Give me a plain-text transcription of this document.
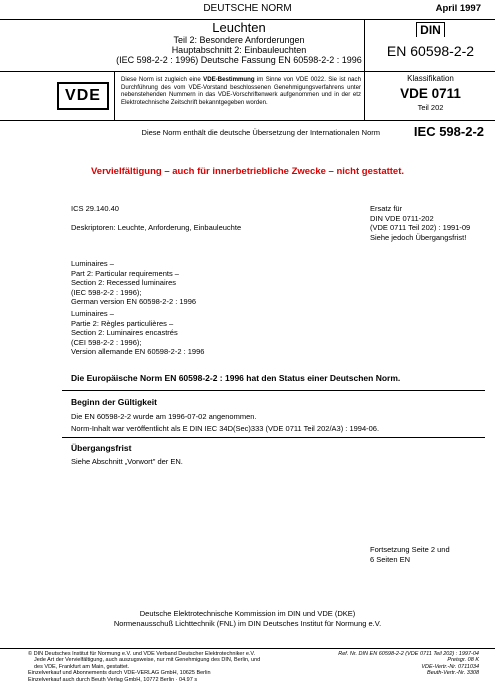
DEUTSCHE NORM	April 1997
Leuchten
Teil 2: Besondere Anforderungen
Hauptabschnitt 2: Einbauleuchten
(IEC 598-2-2 : 1996) Deutsche Fassung EN 60598-2-2 : 1996
DIN
EN 60598-2-2
VDE
Diese Norm ist zugleich eine VDE-Bestimmung im Sinne von VDE 0022. Sie ist nach Durchführung des vom VDE-Vorstand beschlossenen Genehmigungsverfahrens unter nebenstehenden Nummern in das VDE-Vorschriftenwerk aufgenommen und in der etz Elektrotechnische Zeitschrift bekanntgegeben worden.
Klassifikation
VDE 0711
Teil 202
Diese Norm enthält die deutsche Übersetzung der Internationalen Norm	IEC 598-2-2
Vervielfältigung – auch für innerbetriebliche Zwecke – nicht gestattet.
ICS 29.140.40
Deskriptoren: Leuchte, Anforderung, Einbauleuchte
Ersatz für
DIN VDE 0711-202
(VDE 0711 Teil 202) : 1991-09
Siehe jedoch Übergangsfrist!
Luminaires –
Part 2: Particular requirements –
Section 2: Recessed luminaires
(IEC 598-2-2 : 1996);
German version EN 60598-2-2 : 1996
Luminaires –
Partie 2: Règles particulières –
Section 2: Luminaires encastrés
(CEI 598-2-2 : 1996);
Version allemande EN 60598-2-2 : 1996
Die Europäische Norm EN 60598-2-2 : 1996 hat den Status einer Deutschen Norm.
Beginn der Gültigkeit
Die EN 60598-2-2 wurde am 1996-07-02 angenommen.
Norm-Inhalt war veröffentlicht als E DIN IEC 34D(Sec)333 (VDE 0711 Teil 202/A3) : 1994-06.
Übergangsfrist
Siehe Abschnitt „Vorwort" der EN.
Fortsetzung Seite 2 und
6 Seiten EN
Deutsche Elektrotechnische Kommission im DIN und VDE (DKE)
Normenausschuß Lichttechnik (FNL) im DIN Deutsches Institut für Normung e.V.
© DIN Deutsches Institut für Normung e.V. und VDE Verband Deutscher Elektrotechniker e.V.
Jede Art der Vervielfältigung, auch auszugsweise, nur mit Genehmigung des DIN, Berlin, und
des VDE, Frankfurt am Main, gestattet.
Einzelverkauf und Abonnements durch VDE-VERLAG GmbH, 10625 Berlin
Einzelverkauf auch durch Beuth Verlag GmbH, 10772 Berlin · 04.97 s
Ref. Nr. DIN EN 60598-2-2 (VDE 0711 Teil 202) : 1997-04
Preisgr. 08 K
VDE-Vertr.-Nr. 0711034
Beuth-Vertr.-Nr. 3308
